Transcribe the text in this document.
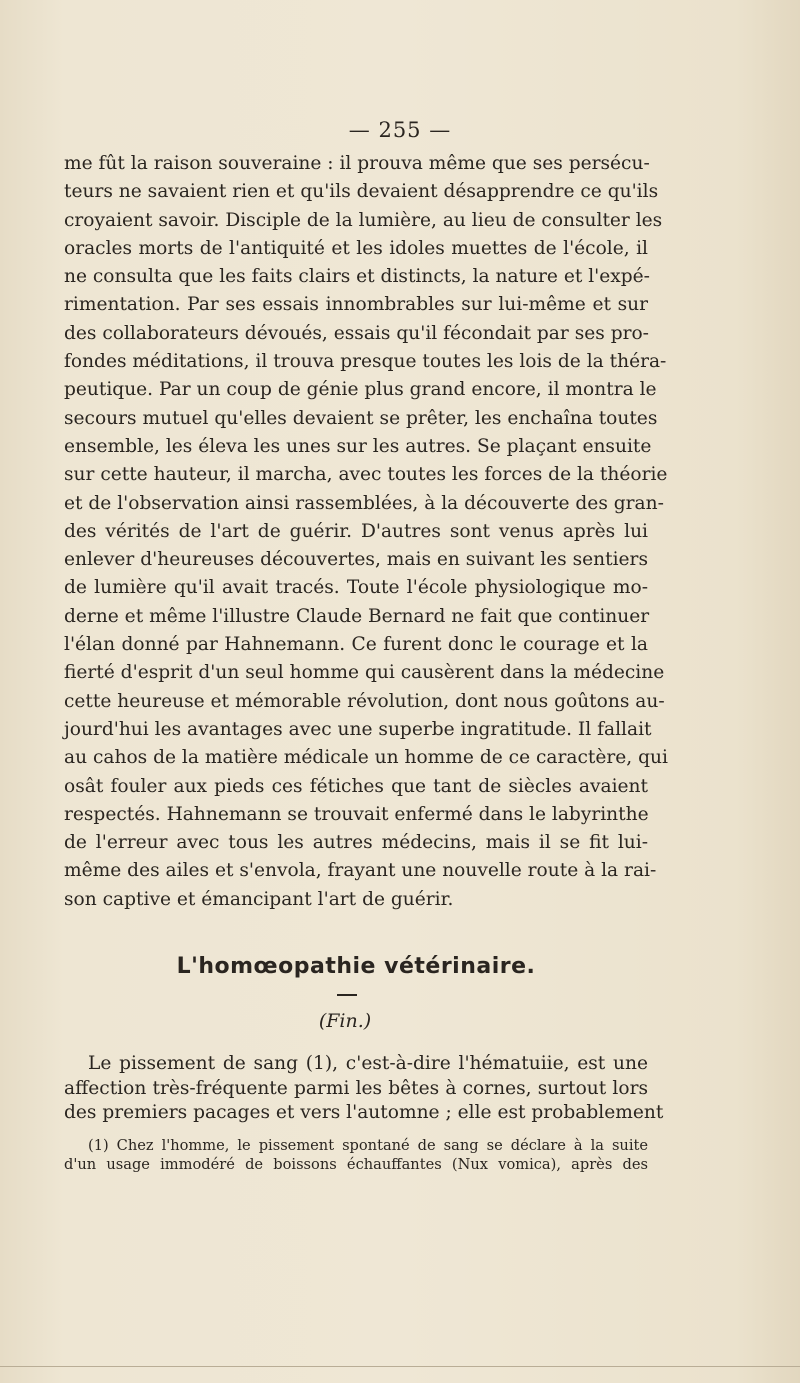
— 255 —
me fût la raison souveraine : il prouva même que ses persécu-
teurs ne savaient rien et qu'ils devaient désapprendre ce qu'ils
croyaient savoir. Disciple de la lumière, au lieu de consulter les
oracles morts de l'antiquité et les idoles muettes de l'école, il
ne consulta que les faits clairs et distincts, la nature et l'expé-
rimentation. Par ses essais innombrables sur lui-même et sur
des collaborateurs dévoués, essais qu'il fécondait par ses pro-
fondes méditations, il trouva presque toutes les lois de la théra-
peutique. Par un coup de génie plus grand encore, il montra le
secours mutuel qu'elles devaient se prêter, les enchaîna toutes
ensemble, les éleva les unes sur les autres. Se plaçant ensuite
sur cette hauteur, il marcha, avec toutes les forces de la théorie
et de l'observation ainsi rassemblées, à la découverte des gran-
des vérités de l'art de guérir. D'autres sont venus après lui
enlever d'heureuses découvertes, mais en suivant les sentiers
de lumière qu'il avait tracés. Toute l'école physiologique mo-
derne et même l'illustre Claude Bernard ne fait que continuer
l'élan donné par Hahnemann. Ce furent donc le courage et la
fierté d'esprit d'un seul homme qui causèrent dans la médecine
cette heureuse et mémorable révolution, dont nous goûtons au-
jourd'hui les avantages avec une superbe ingratitude. Il fallait
au cahos de la matière médicale un homme de ce caractère, qui
osât fouler aux pieds ces fétiches que tant de siècles avaient
respectés. Hahnemann se trouvait enfermé dans le labyrinthe
de l'erreur avec tous les autres médecins, mais il se fit lui-
même des ailes et s'envola, frayant une nouvelle route à la rai-
son captive et émancipant l'art de guérir.
L'homœopathie vétérinaire.
(Fin.)
Le pissement de sang (1), c'est-à-dire l'hématuiie, est une
affection très-fréquente parmi les bêtes à cornes, surtout lors
des premiers pacages et vers l'automne ; elle est probablement
(1) Chez l'homme, le pissement spontané de sang se déclare à la suite
d'un usage immodéré de boissons échauffantes (Nux vomica), après des
